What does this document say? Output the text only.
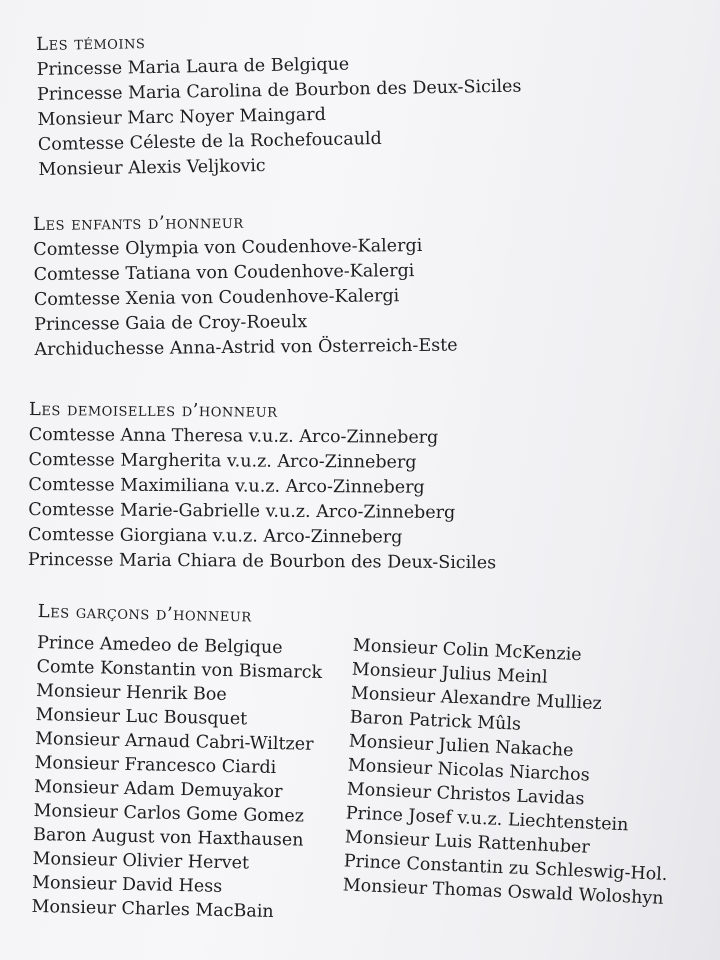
Les témoins
Princesse Maria Laura de Belgique
Princesse Maria Carolina de Bourbon des Deux-Siciles
Monsieur Marc Noyer Maingard
Comtesse Céleste de la Rochefoucauld
Monsieur Alexis Veljkovic
Les enfants d’honneur
Comtesse Olympia von Coudenhove-Kalergi
Comtesse Tatiana von Coudenhove-Kalergi
Comtesse Xenia von Coudenhove-Kalergi
Princesse Gaia de Croy-Roeulx
Archiduchesse Anna-Astrid von Österreich-Este
Les demoiselles d’honneur
Comtesse Anna Theresa v.u.z. Arco-Zinneberg
Comtesse Margherita v.u.z. Arco-Zinneberg
Comtesse Maximiliana v.u.z. Arco-Zinneberg
Comtesse Marie-Gabrielle v.u.z. Arco-Zinneberg
Comtesse Giorgiana v.u.z. Arco-Zinneberg
Princesse Maria Chiara de Bourbon des Deux-Siciles
Les garçons d’honneur
Prince Amedeo de Belgique
Comte Konstantin von Bismarck
Monsieur Henrik Boe
Monsieur Luc Bousquet
Monsieur Arnaud Cabri-Wiltzer
Monsieur Francesco Ciardi
Monsieur Adam Demuyakor
Monsieur Carlos Gome Gomez
Baron August von Haxthausen
Monsieur Olivier Hervet
Monsieur David Hess
Monsieur Charles MacBain
Monsieur Colin McKenzie
Monsieur Julius Meinl
Monsieur Alexandre Mulliez
Baron Patrick Mûls
Monsieur Julien Nakache
Monsieur Nicolas Niarchos
Monsieur Christos Lavidas
Prince Josef v.u.z. Liechtenstein
Monsieur Luis Rattenhuber
Prince Constantin zu Schleswig-Hol.
Monsieur Thomas Oswald Woloshyn
